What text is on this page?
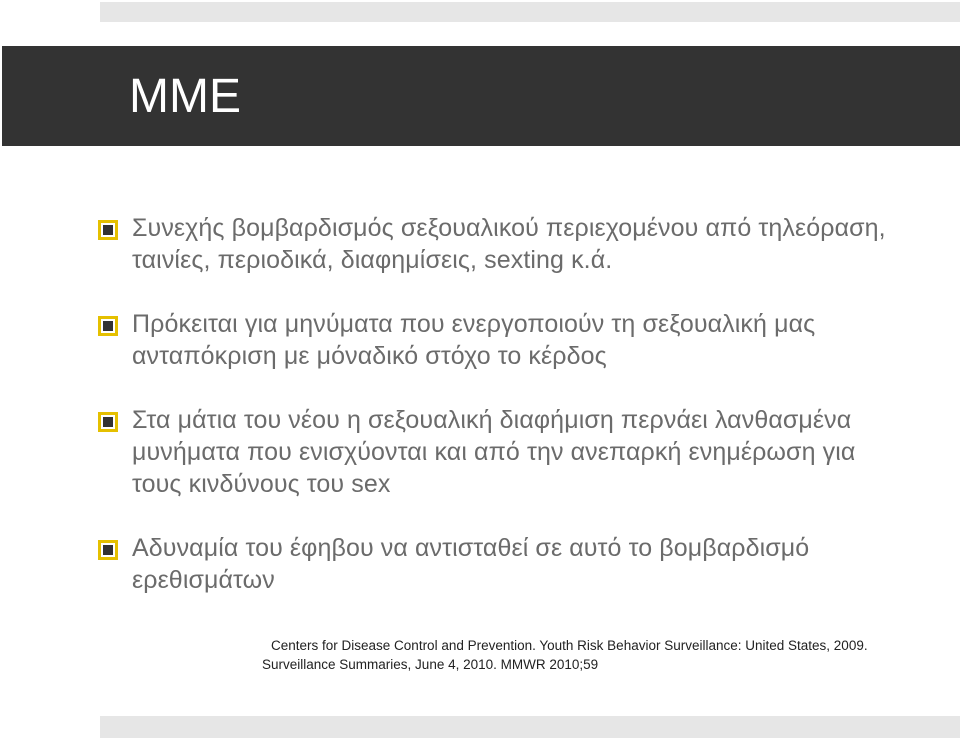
ΜΜΕ
Συνεχής βομβαρδισμός σεξουαλικού περιεχομένου από τηλεόραση, ταινίες, περιοδικά, διαφημίσεις, sexting κ.ά.
Πρόκειται για μηνύματα που ενεργοποιούν τη σεξουαλική μας ανταπόκριση με μόναδικό στόχο το κέρδος
Στα μάτια του νέου η σεξουαλική διαφήμιση περνάει λανθασμένα μυνήματα που ενισχύονται και από την ανεπαρκή ενημέρωση για τους κινδύνους του sex
Αδυναμία του έφηβου να αντισταθεί σε αυτό το βομβαρδισμό ερεθισμάτων

Centers for Disease Control and Prevention. Youth Risk Behavior Surveillance: United States, 2009.
Surveillance Summaries, June 4, 2010. MMWR 2010;59
